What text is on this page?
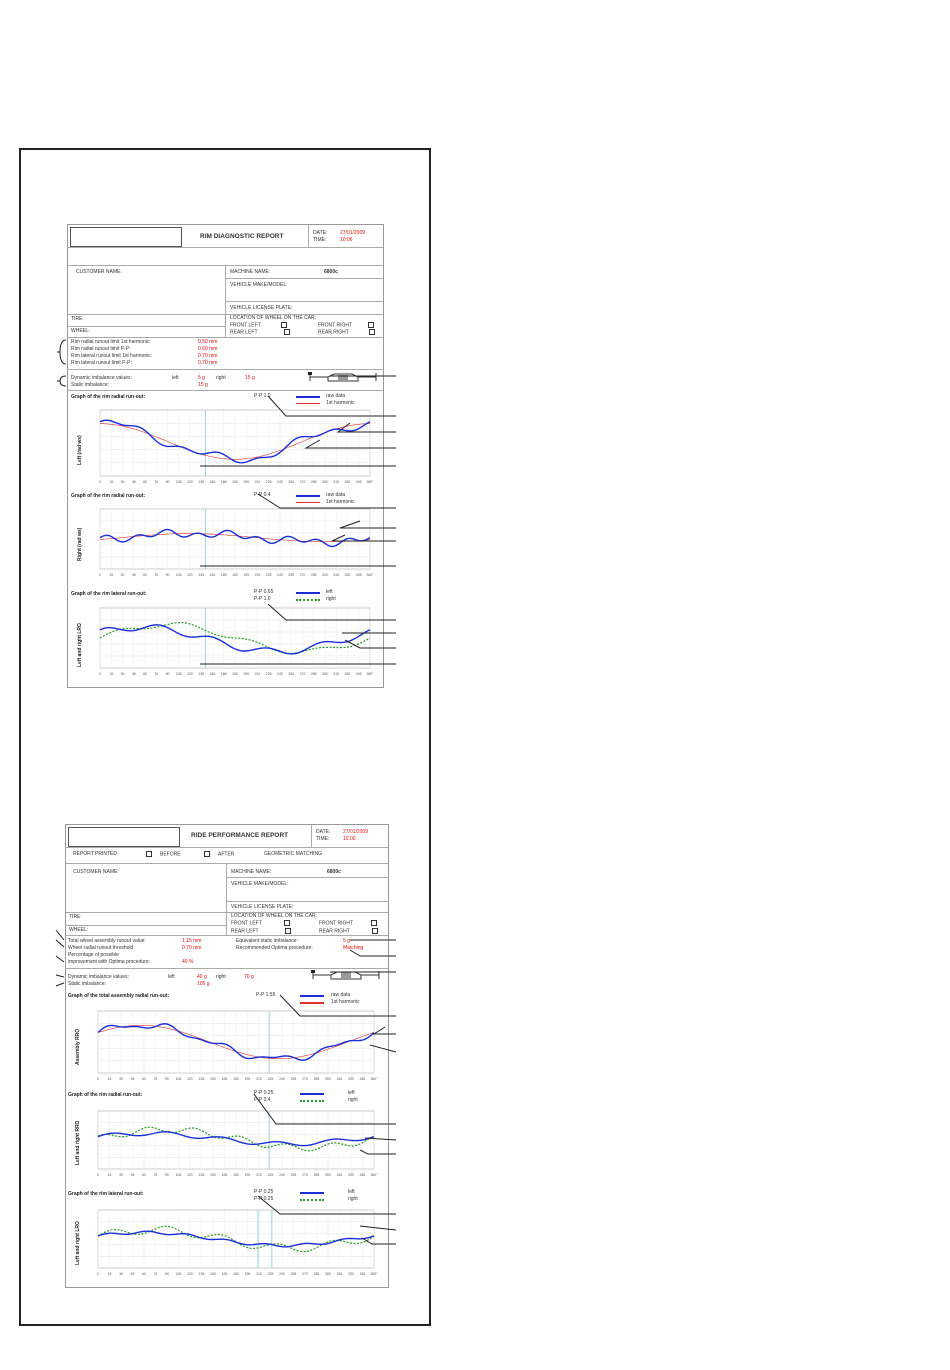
RIM DIAGNOSTIC REPORT	DATE:	27/01/2009
TIME:	10:06
CUSTOMER NAME:	MACHINE NAME:	6800c
VEHICLE MAKE/MODEL:
VEHICLE LICENSE PLATE:
TIRE:	LOCATION OF WHEEL ON THE CAR:
FRONT LEFT	FRONT RIGHT
WHEEL:	REAR LEFT	REAR RIGHT
Rim radial runout limit 1st harmonic:	0.50 mm
Rim radial runout limit P-P:	0.60 mm
Rim lateral runout limit 1st harmonic:	0.70 mm
Rim lateral runout limit P-P:	0.70 mm
Dynamic imbalance values:	left	5 g right	15 g
Static imbalance:	15 g
Graph of the rim radial run-out:	P-P 1.0	raw data
1st harmonic
Left (rad ws)
0 15 30 45 60 75 90 105 120 135 150 165 180 195 210 225 240 255 270 285 300 315 330 345 360°
Graph of the rim radial run-out:	P-P 0.4	raw data
1st harmonic
Right (rad ws)
0 15 30 45 60 75 90 105 120 135 150 165 180 195 210 225 240 255 270 285 300 315 330 345 360°
Graph of the rim lateral run-out:	P-P 0.65
P-P 1.0
left
right
Left and right LRO
0 15 30 45 60 75 90 105 120 135 150 165 180 195 210 225 240 255 270 285 300 315 330 345 360°
RIDE PERFORMANCE REPORT	DATE:	27/01/2009
TIME:	10:00
REPORT PRINTED	BEFORE	AFTER	GEOMETRIC MATCHING
CUSTOMER NAME:	MACHINE NAME:	6800c
VEHICLE MAKE/MODEL:
VEHICLE LICENSE PLATE:
TIRE:	LOCATION OF WHEEL ON THE CAR:
FRONT LEFT	FRONT RIGHT
WHEEL:	REAR LEFT	REAR RIGHT
Total wheel assembly runout value:	1.15 mm
Wheel radial runout threshold:	0.70 mm
Percentage of possible
improvement with Optima procedure:	40 %
Equivalent static imbalance:	5 g
Recommended Optima procedure:	Matching
Dynamic imbalance values:	left	40 g right	70 g
Static imbalance:	105 g
Graph of the total assembly radial run-out:	P-P 1.55	raw data
1st harmonic
Assembly RRO
0	15 30 45 60 75 90 105 120 135 150 165 180 195 210 225 240 255 270 285 300 315 330 345 360°
Graph of the rim radial run-out:	P-P 0.25
P-P 0.4
left
right
Left and right RRO
0	15 30 45 60 75 90 105 120 135 150 165 180 195 210 225 240 255 270 285 300 315 330 345 360°
Graph of the rim lateral run-out:	P-P 0.25
P-P 0.25
left
right
Left and right LRO
0	15 30 45 60 75 90 105 120 135 150 165 180 195 210 225 240 255 270 285 300 315 330 345 360°
